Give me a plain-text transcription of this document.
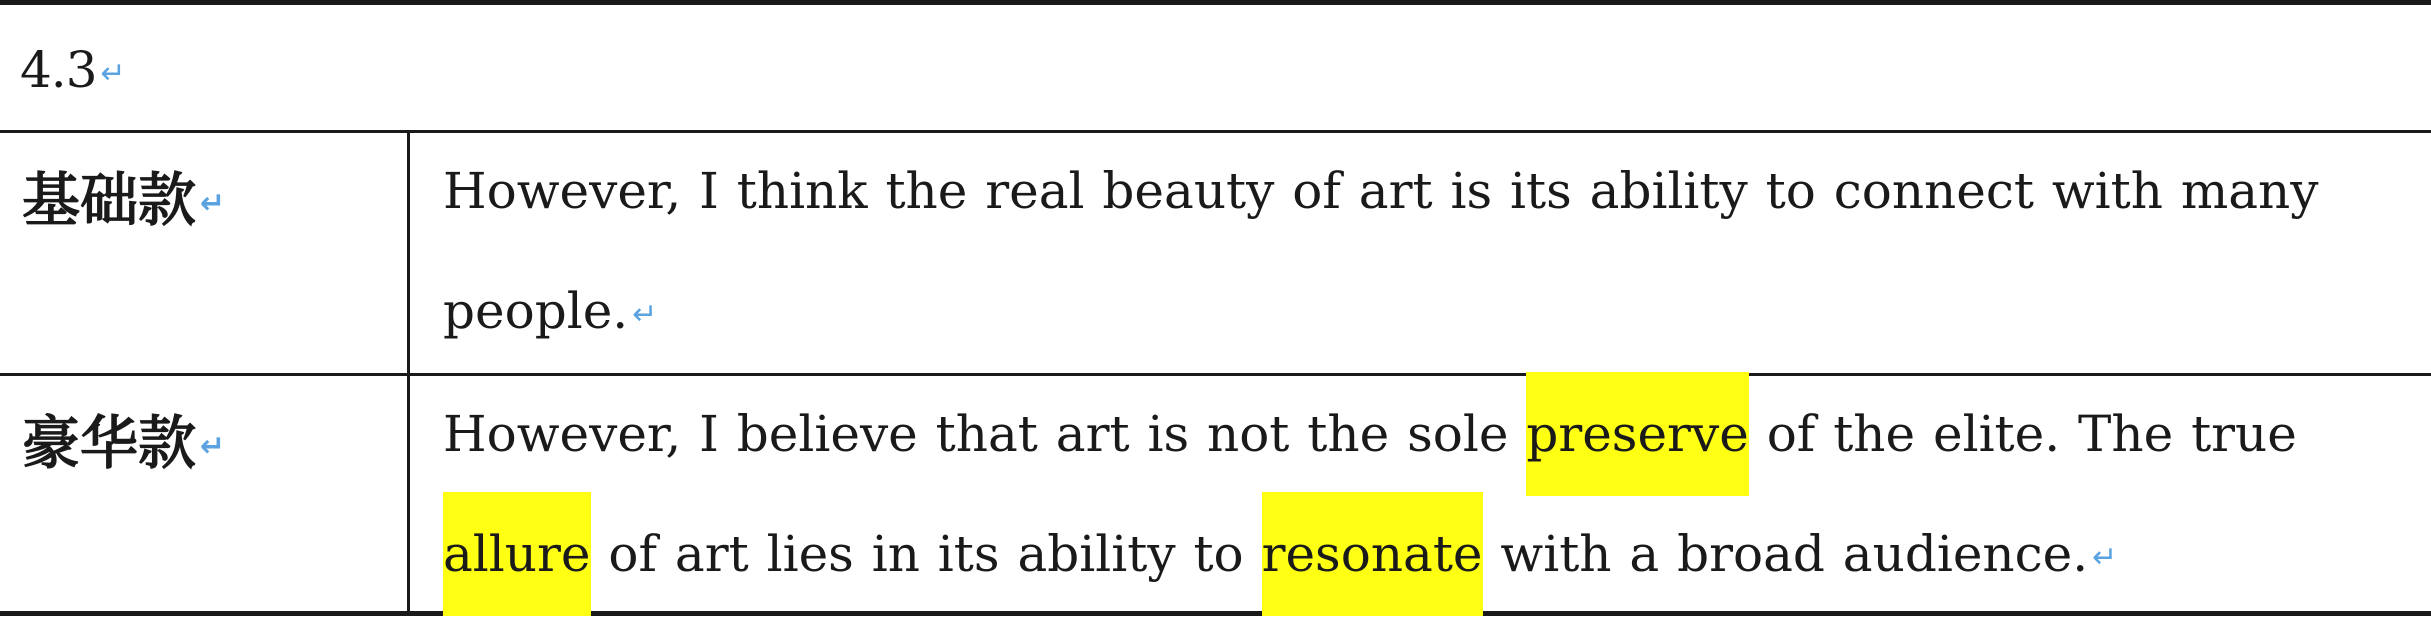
4.3 ↵
基础款 ↵	However, I think the real beauty of art is its ability to connect with many people. ↵

豪华款 ↵	However, I believe that art is not the sole preserve of the elite. The true allure of art lies in its ability to resonate with a broad audience. ↵
